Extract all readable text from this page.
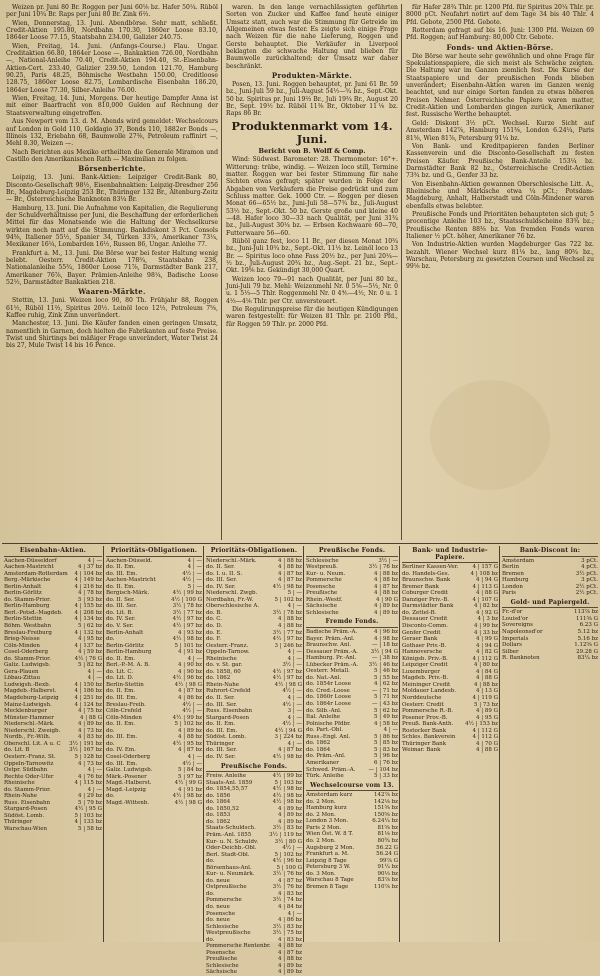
Weizen pr. Juni 80 Br. Roggen per Juni 60⅛ bz. Hafer 50¼. Rüböl per Juni 10¾ Br. Raps per Juni 80 Br. Zink 6⅔.

Wien, Donnerstag, 13. Juni. Abendbörse. Sehr matt, schließt. Credit-Aktien 195.80, Nordbahn 170.30, 1860er Loose 83.10, 1864er Loose 77.15, Staatsbahn 234.00, Galizier 240.75.

Wien, Freitag, 14. Juni. (Anfangs-Course.) Flau. Ungar. Creditaktien 66.80, 1864er Loose —, Bankaktien 726.00, Nordbahn —, National-Anleihe 70.40, Credit-Aktien 194.40, St.-Eisenbahn-Aktien-Cert. 233.40, Galizier 239.50, London 121.70, Hamburg 90.25, Paris 48.25, Böhmische Westbahn 150.00, Creditloose 128.75, 1860er Loose 82.75, Lombardische Eisenbahn 186.20, 1864er Loose 77.30, Silber-Anleihe 76.00.

Wien, Freitag, 14. Juni, Morgens. Der heutige Dampfer Anna ist mit einer Baarfracht von 810,000 Gulden auf Rechnung der Staatsverwaltung eingetroffen.

Aus Newport vom 13. d. M. Abends wird gemeldet: Wechselcours auf London in Gold 110, Goldagio 37, Bonds 110, 1882er Bonds —, Illinois 132, Eriebahn 68, Baumwolle 27⅜, Petroleum raffinirt —, Mehl 8.30, Weizen —.

Nach Berichten aus Mexiko ertheilten die Generale Miramon und Castillo den Amerikanischen Rath — Maximilian zu folgen.

Börsenberichte.

Leipzig, 13. Juni. Bank-Aktien: Leipziger Credit-Bank 80, Disconto-Gesellschaft 98½, Eisenbahnaktien: Leipzig-Dresdner 256 Br., Magdeburg-Leipzig 253 Br., Thüringer 132 Br., Altenburg-Zeitz — Br., Österreichische Banknoten 83¼ Br.

Hamburg, 13. Juni. Die Aufnahme von Kapitalien, die Regulierung der Schuldverhältnisse per Juni, die Beschaffung der erforderlichen Mittel für das Monatsende wie die Haltung der Wechselkurse wirkten noch matt auf die Stimmung. Bankdiskont 3 Pct. Consols 94⅝, Italiener 55½, Spanier 34, Türken 33⅞, Amerikaner 73¼, Mexikaner 16¼, Lombarden 16½, Russen 86, Ungar. Anleihe 77.

Frankfurt a. M., 13. Juni. Die Börse war bei fester Haltung wenig belebt. Oesterr. Credit-Aktien 178¾, Staatsbahn 238, Nationalanleihe 55¾, 1860er Loose 71⅞, Darmstädter Bank 217, Amerikaner 76⅞, Bayer. Prämien-Anleihe 98¼, Badische Loose 52½, Darmstädter Bankaktien 218.

Waaren-Märkte.

Stettin, 13. Juni. Weizen loco 90, 80 Th. Frühjahr 88, Roggen 61½, Rüböl 11⅔, Spiritus 20½. Leinöl loco 12⅓, Petroleum 7⅝, Kaffee ruhig, Zink Zinn unverändert.

Manchester, 13. Juni. Die Käufer fanden einen geringen Umsatz, namentlich in Garnen, doch hielten die Fabrikanten auf feste Preise. Twist und Shirtings bei mäßiger Frage unverändert, Water Twist 24 bis 27, Mule Twist 14 bis 16 Pence.

waren. In den lange vernachlässigten geführten Sorten von Zucker und Kaffee fand heute einiger Umsatz statt, auch war die Stimmung für Getreide im Allgemeinen etwas fester. Es zeigte sich einige Frage nach Weizen für die nahe Lieferung, Roggen und Gerste behauptet. Die Verkäufer in Liverpool beklagten die schwache Haltung und blieben für Baumwolle zurückhaltend; der Umsatz war daher beschränkt.

Produkten-Märkte.

Posen, 13. Juni. Roggen behauptet, pr. Juni 61 Br. 59 bz., Juni-Juli 59 bz., Juli-August 54½—¾ bz., Sept.-Okt. 50 bz. Spiritus pr. Juni 19⅔ Br., Juli 19¾ Br., August 20 Br., Sept. 19½ bz. Rüböl 11⅜ Br., Oktober 11⅙ bz. Raps 86 Br.

Produktenmarkt vom 14. Juni.
Bericht von B. Wolff & Comp.

Wind: Südwest. Barometer: 28. Thermometer: 16°+. Witterung: trübe, windig. — Weizen loco still, Termine matter. Roggen war bei fester Stimmung für nahe Sichten etwas gefragt; später wurden in Folge der Abgaben von Verkäufern die Preise gedrückt und zum Schluss matter. Gek. 1000 Ctr. — Roggen per diesen Monat 66—65½ bz., Juni-Juli 58—57¾ bz., Juli-August 53½ bz., Sept.-Okt. 50 bz. Gerste große und kleine 40—48. Hafer loco 30—33 nach Qualität, per Juni 31¾ bz., Juli-August 30¼ bz. — Erbsen Kochwaare 60—70, Futterwaare 56—60.

Rüböl ganz fest, loco 11 Br., per diesen Monat 10¾ bz., Juni-Juli 10¾ bz., Sept.-Okt. 11⅕ bz. Leinöl loco 13 Br. — Spiritus loco ohne Fass 20½ bz., per Juni 20¼—½ bz., Juli-August 20¾ bz., Aug.-Sept. 21 bz., Sept.-Okt. 19⅚ bz. Gekündigt 30,000 Quart.

Weizen loco 79—91 nach Qualität, per Juni 80 bz., Juni-Juli 79 bz. Mehl: Weizenmehl Nr. 0 5⅚—5⅓, Nr. 0 u. 1 5⅓—5 Thlr. Roggenmehl Nr. 0 4⅘—4½, Nr. 0 u. 1 4⅓—4⅙ Thlr. per Ctr. unversteuert.

Die Regulirungspreise für die heutigen Kündigungen waren festgestellt: für Weizen 81 Thlr. pr. 2100 Pfd., für Roggen 59 Thlr. pr. 2000 Pfd.

für Hafer 28¾ Thlr. pr. 1200 Pfd. für Spiritus 20¼ Thlr. pr. 8000 pCt. Neufahrt notirt auf dem Tage 34 bis 40 Thlr. 4 Pfd. Gebote, 2500 Pfd. Gebote.

Rotterdam gefragt auf bis 16. Juni: 1300 Pfd. Weizen 69 Pfd. Roggen; auf Hamburg: 80,000 Ctr. Gebote.

Fonds- und Aktien-Börse.

Die Börse war heute sehr gewöhnlich und ohne Frage für Spekulationspapiere, die sich meist als Schwäche zeigten. Die Haltung war im Ganzen ziemlich fest. Die Kurse der Staatspapiere und der preußischen Fonds blieben unverändert; Eisenbahn-Aktien waren im Ganzen wenig beachtet, und nur einige Sorten fanden zu etwas höheren Preisen Nehmer. Österreichische Papiere waren matter, Credit-Aktien und Lombarden gingen zurück, Amerikaner fest. Russische Werthe behauptet.

Geld: Diskont 3½ pCt. Wechsel. Kurze Sicht auf Amsterdam 142⅞, Hamburg 151⅜, London 6.24¼, Paris 81⅝, Wien 81⅞, Petersburg 91¼ bz.

Von Bank- und Kreditpapieren fanden Berliner Kassenverein und die Disconto-Gesellschaft zu festen Preisen Käufer. Preußische Bank-Anteile 153¼ bz. Darmstädter Bank 82 bz., Österreichische Credit-Actien 73¾ bz. und G., Genfer 33 bz.

Von Eisenbahn-Aktien gewannen Oberschlesische Litt. A., Rheinische und Märkische etwa ¼ pCt.; Potsdam-Magdeburg, Anhalt, Halberstadt und Cöln-Mindener waren ebenfalls etwas belebter.

Preußische Fonds und Prioritäten behaupteten sich gut; 5 procentige Anleihe 103 bz., Staatsschuldscheine 83¾ bz.; Preußische Renten 88⅜ bz. Von fremden Fonds waren Italiener ½ pCt. höher, Amerikaner 76 bz.

Von Industrie-Aktien wurden Magdeburger Gas 722 bz. bezahlt. Wiener Wechsel kurz 81⅛ bz., lang 80¾ bz., Warschau, Petersburg zu gesetzten Coursen und Wechsel zu 99⅛ bz.

Eisenbahn-Aktien.
Aachen-Düsseldorf	4 | —
Aachen-Mastricht	4 | 37 bz
Amsterdam-Rotterdam	4 | 104 bz
Berg.-Märkische	4 | 149 bz
Berlin-Anhalt	4 | 216 bz
Berlin-Görlitz	4 | 78 bz
do. Stamm-Prior.	5 | 93 bz
Berlin-Hamburg	4 | 155 bz
Berl.-Potsd.-Magdeb.	4 | 208 bz
Berlin-Stettin	4 | 134 bz
Böhm. Westbahn	5 | 62 bz
Breslau-Freiburg	4 | 132 bz
Brieg-Neisse	4 | 95 bz
Cöln-Minden	4 | 137 bz
Cosel-Oderberg	4 | 59 bz
do. Stamm-Prior.	4½ | 76 G
Galiz. Ludwigsb.	5 | 82 bz
Gera-Plauen	4 | —
Löbau-Zittau	4 | —
Ludwigsh.-Bexb.	4 | 150 bz
Magdeb.-Halberst.	4 | 186 bz
Magdeburg-Leipzig	4 | 251 bz
Mainz-Ludwigsh.	4 | 124 bz
Mecklenburger	4 | 75 bz
Münster-Hammer	4 | 88 G
Niederschl.-Märk.	4 | 89 bz
Niederschl. Zweigb.	4 | 73 bz
Nordb., Fr.-Wilh.	4 | 83 bz
Oberschl. Lit. A u. C	3½ | 191 bz
do. Lit. B	3½ | 167 bz
Oesterr.-Franz. St.	5 | 128 bz
Oppeln-Tarnowitz	4 | 73 bz
Ostpr. Südbahn	4 | —
Rechte Oder-Ufer	4 | 76 bz
Rheinische	4 | 115 bz
do. Stamm-Prior.	4 | —
Rhein-Nahe	4 | 29 bz
Russ. Eisenbahn	5 | 79 bz
Stargard-Posen	4½ | 95 G
Südöst. Lomb.	5 | 103 bz
Thüringer	4 | 133 bz
Warschau-Wien	5 | 58 bz
Prioritäts-Obligationen.
Aachen-Düsseld.	4 | —
do. II. Em.	4 | —
do. III. Em.	4½ | —
Aachen-Mastricht	4½ | —
do. II. Em.	5 | —
Bergisch-Märk.	4½ | 99 bz
do. II. Ser.	4½ | 100 G
do. III. Ser.	3½ | 78 bz
do. Lit. B.	3½ | 77 bz
do. IV. Ser.	4½ | 97 bz
do. V. Ser.	4½ | 97 bz
Berlin-Anhalt	4 | 93 bz
do.	4½ | 98 bz
Berlin-Görlitz	5 | 101 bz
Berlin-Hamburg	4 | 91 bz
do. II. Em.	4 | —
Berl.-P.-M. A. B.	4 | 90 bz
do. Lit. C.	4 | 90 bz
do. Lit. D.	4½ | 96 bz
Berlin-Stettin	4½ | 98 G
do. II. Em.	4 | 87 bz
do. III. Em.	4 | 86 bz
Breslau-Freib.	4½ | —
Cöln-Crefeld	4½ | —
Cöln-Minden	4½ | 99 bz
do. II. Em.	5 | 102 bz
do.	4 | 89 bz
do. III. Em.	4 | 88 bz
do.	4½ | 95 bz
do. IV. Em.	4 | 87 bz
Cosel-Oderberg	4 | —
do. III. Em.	4½ | —
Galiz. Ludwigsb.	5 | 84 bz
Märk.-Posener	5 | 97 bz
Magd.-Halberst.	4½ | 99 G
Magd.-Leipzig	4 | 91 bz
do.	4½ | 98 bz
Magd.-Wittenb.	4½ | 98 G
Prioritäts-Obligationen.
Niederschl.-Märk.	4 | 88 bz
do. II. Ser.	4 | 88 bz
do. I. u. II. S.	4 | 87 bz
do. III. Ser.	4 | 87 bz
do. IV. Ser.	4½ | 98 bz
Niederschl. Zwgb.	5 | —
Nordbahn, Fr.-W.	5 | 102 bz
Oberschlesische A.	4 | —
do. B.	3½ | 78 bz
do. C.	4 | 88 bz
do. D.	4 | 88 bz
do. E.	3½ | 77 bz
do. F.	4½ | 97 bz
Oesterr.-Franz.	3 | 246 bz
Oppeln-Tarnow.	4 | —
Rheinische	4 | —
do. v. St. gar.	3½ | —
do. 1858, 60	4½ | 97 bz
do. 1862	4½ | 97 bz
Rhein-Nahe	4½ | 98 G
Ruhrort-Crefeld	4½ | —
do. II. Ser.	4 | —
do. III. Ser.	4½ | —
Russ. Eisenbahn	3 | —
Stargard-Posen	4 | —
do. II. Em.	4½ | —
do. III. Em.	4½ | 94 G
Südöst. Lomb.	3 | 224 bz
Thüringer	4 | —
do. III. Ser.	4 | 87 bz
do. IV. Ser.	4½ | 98 bz
Preußische Fonds.
Freiw. Anleihe	4½ | 99 bz
Staats-Anl. 1859	5 | 103 bz
do. 1854,55,57	4½ | 98 bz
do. 1856	4½ | 98 bz
do. 1864	4½ | 98 bz
do. 1850,52	4 | 89 bz
do. 1853	4 | 89 bz
do. 1862	4 | 89 bz
Staats-Schuldsch.	3½ | 83 bz
Präm.-Anl. 1855	3½ | 119 bz
Kur- u. N. Schuldv.	3½ | 80 G
Oder-Deichb.-Obl.	4½ | —
Berl. Stadt-Obl.	5 | 102 bz
do.	4½ | 96 bz
Börsenhaus-Anl.	5 | 100 G
Kur- u. Neumärk.	3½ | 76 bz
do. neue	4 | 87 bz
Ostpreußische	3½ | 76 bz
do.	4 | 83 bz
Pommersche	3½ | 74 bz
do. neue	4 | 84 bz
Posensche	4 | —
do. neue	4 | 86 bz
Schlesische	3½ | 83 bz
Westpreußische	3½ | 75 bz
do.	4 | 83 bz
Pommersche Rentenbr.	4 | 88 bz
Posensche	4 | 87 bz
Preußische	4 | 88 bz
Schlesische	4 | 89 bz
Sächsische	4 | 89 bz
Preußische Fonds.
Schlesische	3½ | —
Westpreuß.	3½ | 76 bz
Kur- u. Neum.	4 | 88 bz
Pommersche	4 | 88 bz
Posensche	4 | 87 bz
Preußische	4 | 88 bz
Rhein.-Westf.	4 | 90 G
Sächsische	4 | 89 bz
Schlesische	4 | 89 bz
Fremde Fonds.
Badische Präm.-A.	4 | 96 bz
Bayer. Präm.-Anl.	4 | 98 bz
Braunschw. Anl.	— | 18 bz
Dessauer Präm.-A.	3½ | 94 G
Hamburg. Pr.-Anl.	— | 38 bz
Lübecker Präm.-A.	3½ | 46 bz
Oesterr. Metall.	5 | 46 bz
do. Nat.-Anl.	5 | 55 bz
do. 1854r Loose	4 | 62 bz
do. Cred.-Loose	— | 71 bz
do. 1860r Loose	5 | 71 bz
do. 1864r Loose	— | 43 bz
do. Silb.-Anl.	5 | 62 bz
Ital. Anleihe	5 | 49 bz
Polnische Pfdbr.	4 | 58 bz
do. Part.-Obl.	4 | —
Russ.-Engl. Anl.	5 | 86 bz
do. 1862	5 | 85 bz
do. 1864	5 | 83 bz
do. Präm.-Anl.	5 | 96 bz
Amerikaner	6 | 76 bz
Schwed. Präm.-A.	— | 104 bz
Türk. Anleihe	5 | 33 bz
Wechselcourse vom 13.
Amsterdam kurz	142⅞ bz
do. 2 Mon.	142⅛ bz
Hamburg kurz	151⅜ bz
do. 2 Mon.	150⅝ bz
London 3 Mon.	6.24¼ bz
Paris 2 Mon.	81⅝ bz
Wien Öst. W. 8 T.	81⅛ bz
do. 2 Mon.	80¾ bz
Augsburg 2 Mon.	56.22 G
Frankfurt a. M.	56.24 G
Leipzig 8 Tage	99⅞ G
Petersburg 3 W.	91¼ bz
do. 3 Mon.	90⅓ bz
Warschau 8 Tage	83⅞ bz
Bremen 8 Tage	110⅞ bz
Bank- und Industrie-Papiere.
Berliner Kassen-Ver.	4 | 157 G
do. Handels-Ges.	4 | 108 bz
Braunschw. Bank	4 | 94 G
Bremer Bank	4 | 113 G
Coburger Credit	4 | 88 G
Danziger Priv.-B.	4 | 107 G
Darmstädter Bank	4 | 82 bz
do. Zettel-B.	4 | 92 G
Dessauer Credit	4 | 3 bz
Disconto-Comm.	4 | 99 bz
Genfer Credit	4 | 33 bz
Geraer Bank	4 | 99 G
Gothaer Priv.-B.	4 | 94 G
Hannoversche	4 | 82 G
Königsb. Priv.-B.	4 | 112 G
Leipziger Credit	4 | 80 bz
Luxemburger	4 | 84 G
Magdeb. Priv.-B.	4 | 88 G
Meininger Credit	4 | 88 bz
Moldauer Landesb.	4 | 13 G
Norddeutsche	4 | 119 G
Oesterr. Credit	5 | 73 bz
Pommersche R.-B.	4 | 89 G
Posener Prov.-B.	4 | 95 G
Preuß. Bank-Anth.	4½ | 153 bz
Rostocker Bank	4 | 112 G
Schles. Bankverein	4 | 112 G
Thüringer Bank	4 | 70 G
Weimar. Bank	4 | 88 G
Bank-Discont in:
Amsterdam	3 pCt.
Berlin	4 pCt.
Bremen	3½ pCt.
Hamburg	3 pCt.
London	2½ pCt.
Paris	2½ pCt.
Gold- und Papiergeld.
Fr.-d'or	113⅞ bz
Louisd'or	111⅜ G
Sovereigns	6.23 G
Napoleonsd'or	5.12 bz
Imperials	5.16 bz
Dollars	1.12⅝ G
Silber	29.28 G
R. Banknoten	83¼ bz
